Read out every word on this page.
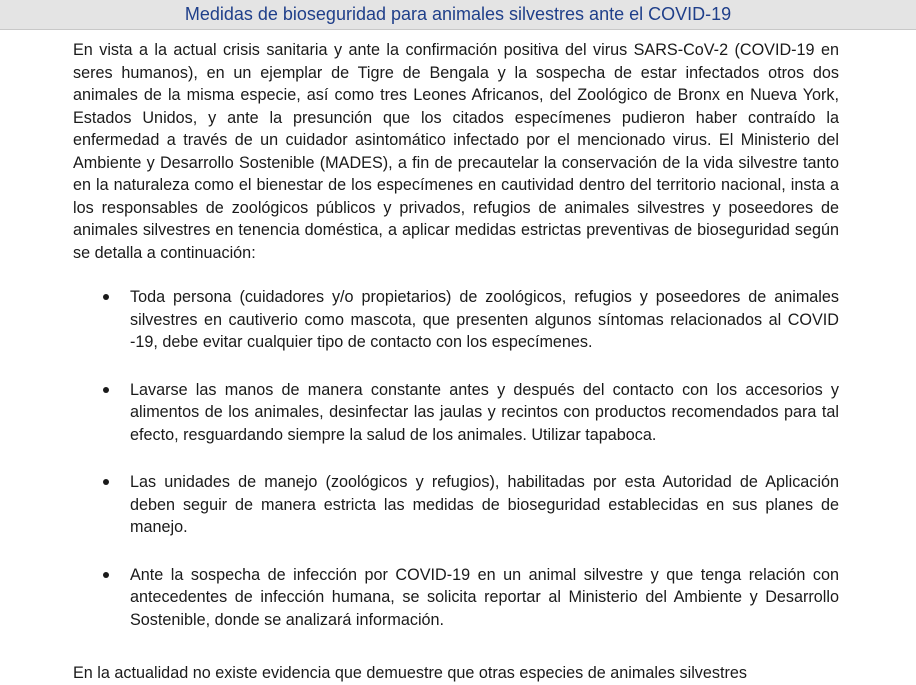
Medidas de bioseguridad para animales silvestres ante el COVID-19

En vista a la actual crisis sanitaria y ante la confirmación positiva del virus SARS-CoV-2 (COVID-19 en seres humanos), en un ejemplar de Tigre de Bengala y la sospecha de estar infectados otros dos animales de la misma especie, así como tres Leones Africanos, del Zoológico de Bronx en Nueva York, Estados Unidos, y ante la presunción que los citados especímenes pudieron haber contraído la enfermedad a través de un cuidador asintomático infectado por el mencionado virus. El Ministerio del Ambiente y Desarrollo Sostenible (MADES), a fin de precautelar la conservación de la vida silvestre tanto en la naturaleza como el bienestar de los especímenes en cautividad dentro del territorio nacional, insta a los responsables de zoológicos públicos y privados, refugios de animales silvestres y poseedores de animales silvestres en tenencia doméstica, a aplicar medidas estrictas preventivas de bioseguridad según se detalla a continuación:

Toda persona (cuidadores y/o propietarios) de zoológicos, refugios y poseedores de animales silvestres en cautiverio como mascota, que presenten algunos síntomas relacionados al COVID -19, debe evitar cualquier tipo de contacto con los especímenes.
Lavarse las manos de manera constante antes y después del contacto con los accesorios y alimentos de los animales, desinfectar las jaulas y recintos con productos recomendados para tal efecto, resguardando siempre la salud de los animales. Utilizar tapaboca.
Las unidades de manejo (zoológicos y refugios), habilitadas por esta Autoridad de Aplicación deben seguir de manera estricta las medidas de bioseguridad establecidas en sus planes de manejo.
Ante la sospecha de infección por COVID-19 en un animal silvestre y que tenga relación con antecedentes de infección humana, se solicita reportar al Ministerio del Ambiente y Desarrollo Sostenible, donde se analizará información.
En la actualidad no existe evidencia que demuestre que otras especies de animales silvestres
